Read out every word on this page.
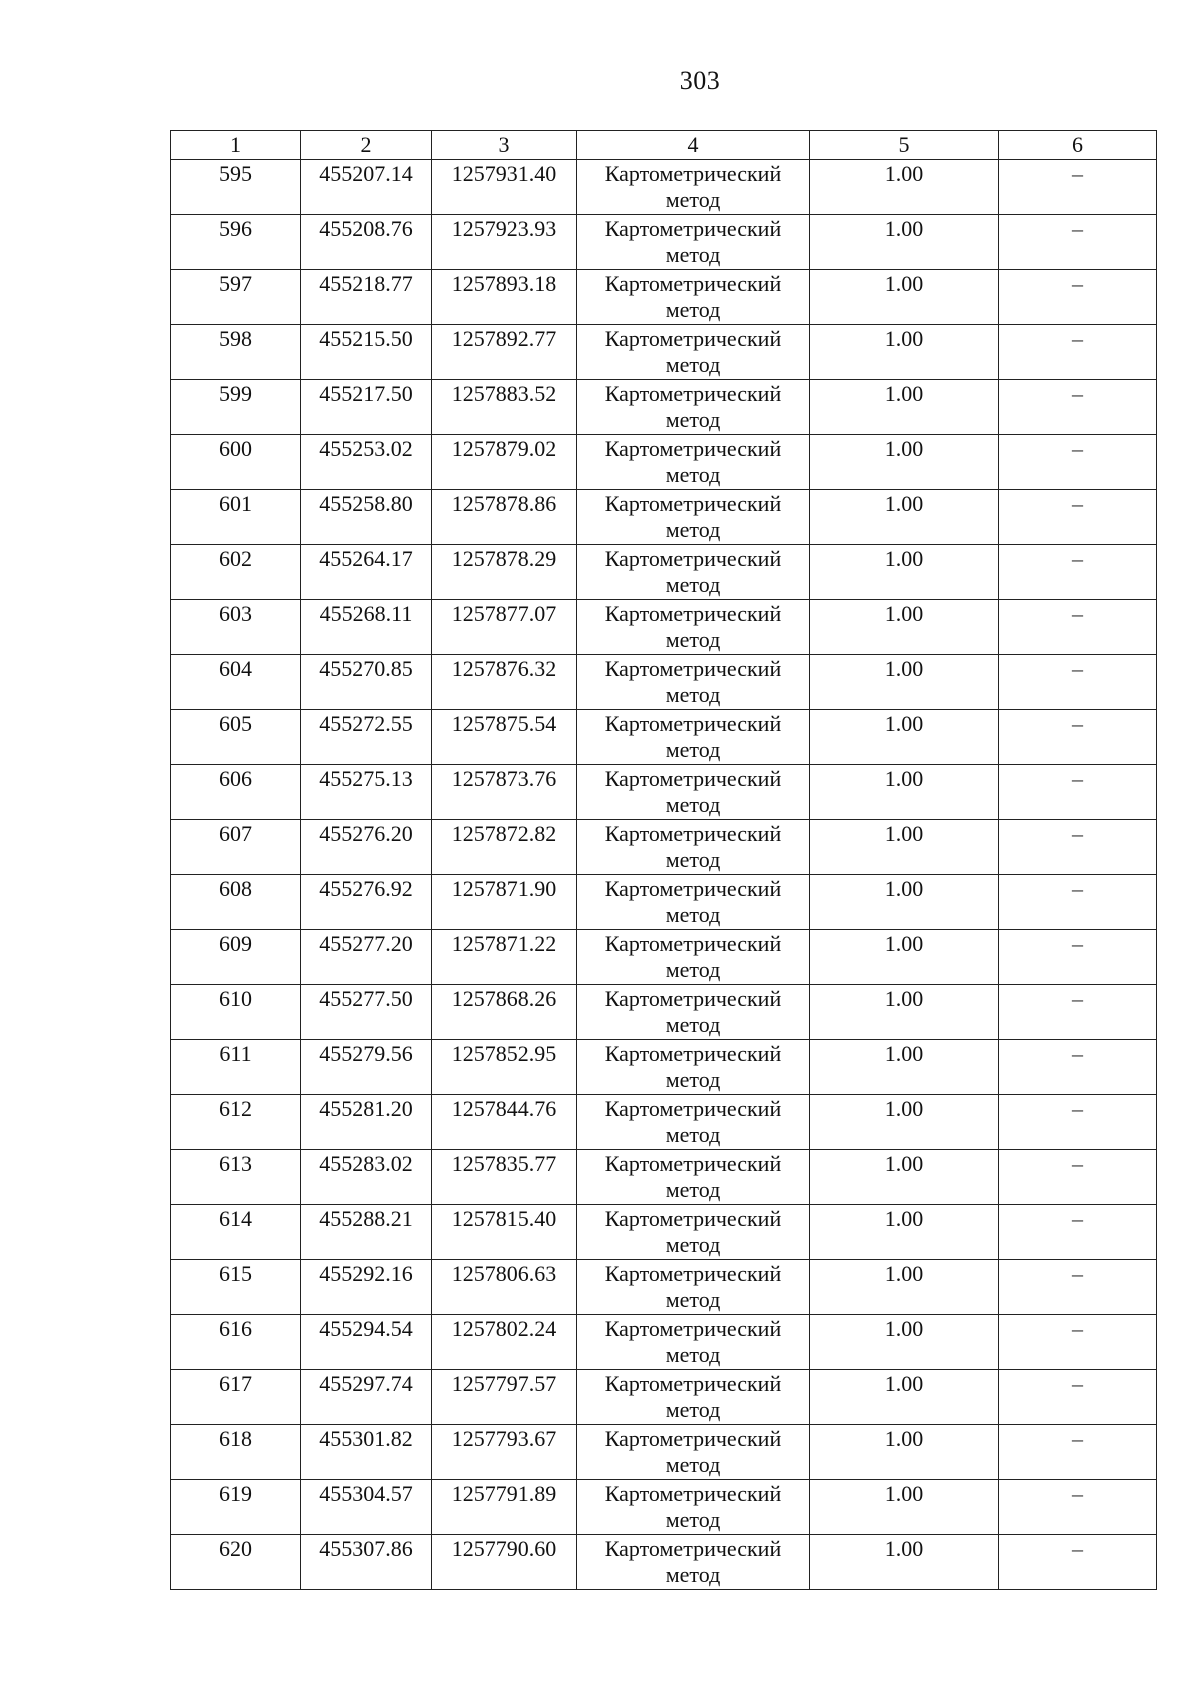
303
1	2	3	4	5	6
595	455207.14	1257931.40	Картометрический метод	1.00	–
596	455208.76	1257923.93	Картометрический метод	1.00	–
597	455218.77	1257893.18	Картометрический метод	1.00	–
598	455215.50	1257892.77	Картометрический метод	1.00	–
599	455217.50	1257883.52	Картометрический метод	1.00	–
600	455253.02	1257879.02	Картометрический метод	1.00	–
601	455258.80	1257878.86	Картометрический метод	1.00	–
602	455264.17	1257878.29	Картометрический метод	1.00	–
603	455268.11	1257877.07	Картометрический метод	1.00	–
604	455270.85	1257876.32	Картометрический метод	1.00	–
605	455272.55	1257875.54	Картометрический метод	1.00	–
606	455275.13	1257873.76	Картометрический метод	1.00	–
607	455276.20	1257872.82	Картометрический метод	1.00	–
608	455276.92	1257871.90	Картометрический метод	1.00	–
609	455277.20	1257871.22	Картометрический метод	1.00	–
610	455277.50	1257868.26	Картометрический метод	1.00	–
611	455279.56	1257852.95	Картометрический метод	1.00	–
612	455281.20	1257844.76	Картометрический метод	1.00	–
613	455283.02	1257835.77	Картометрический метод	1.00	–
614	455288.21	1257815.40	Картометрический метод	1.00	–
615	455292.16	1257806.63	Картометрический метод	1.00	–
616	455294.54	1257802.24	Картометрический метод	1.00	–
617	455297.74	1257797.57	Картометрический метод	1.00	–
618	455301.82	1257793.67	Картометрический метод	1.00	–
619	455304.57	1257791.89	Картометрический метод	1.00	–
620	455307.86	1257790.60	Картометрический метод	1.00	–
